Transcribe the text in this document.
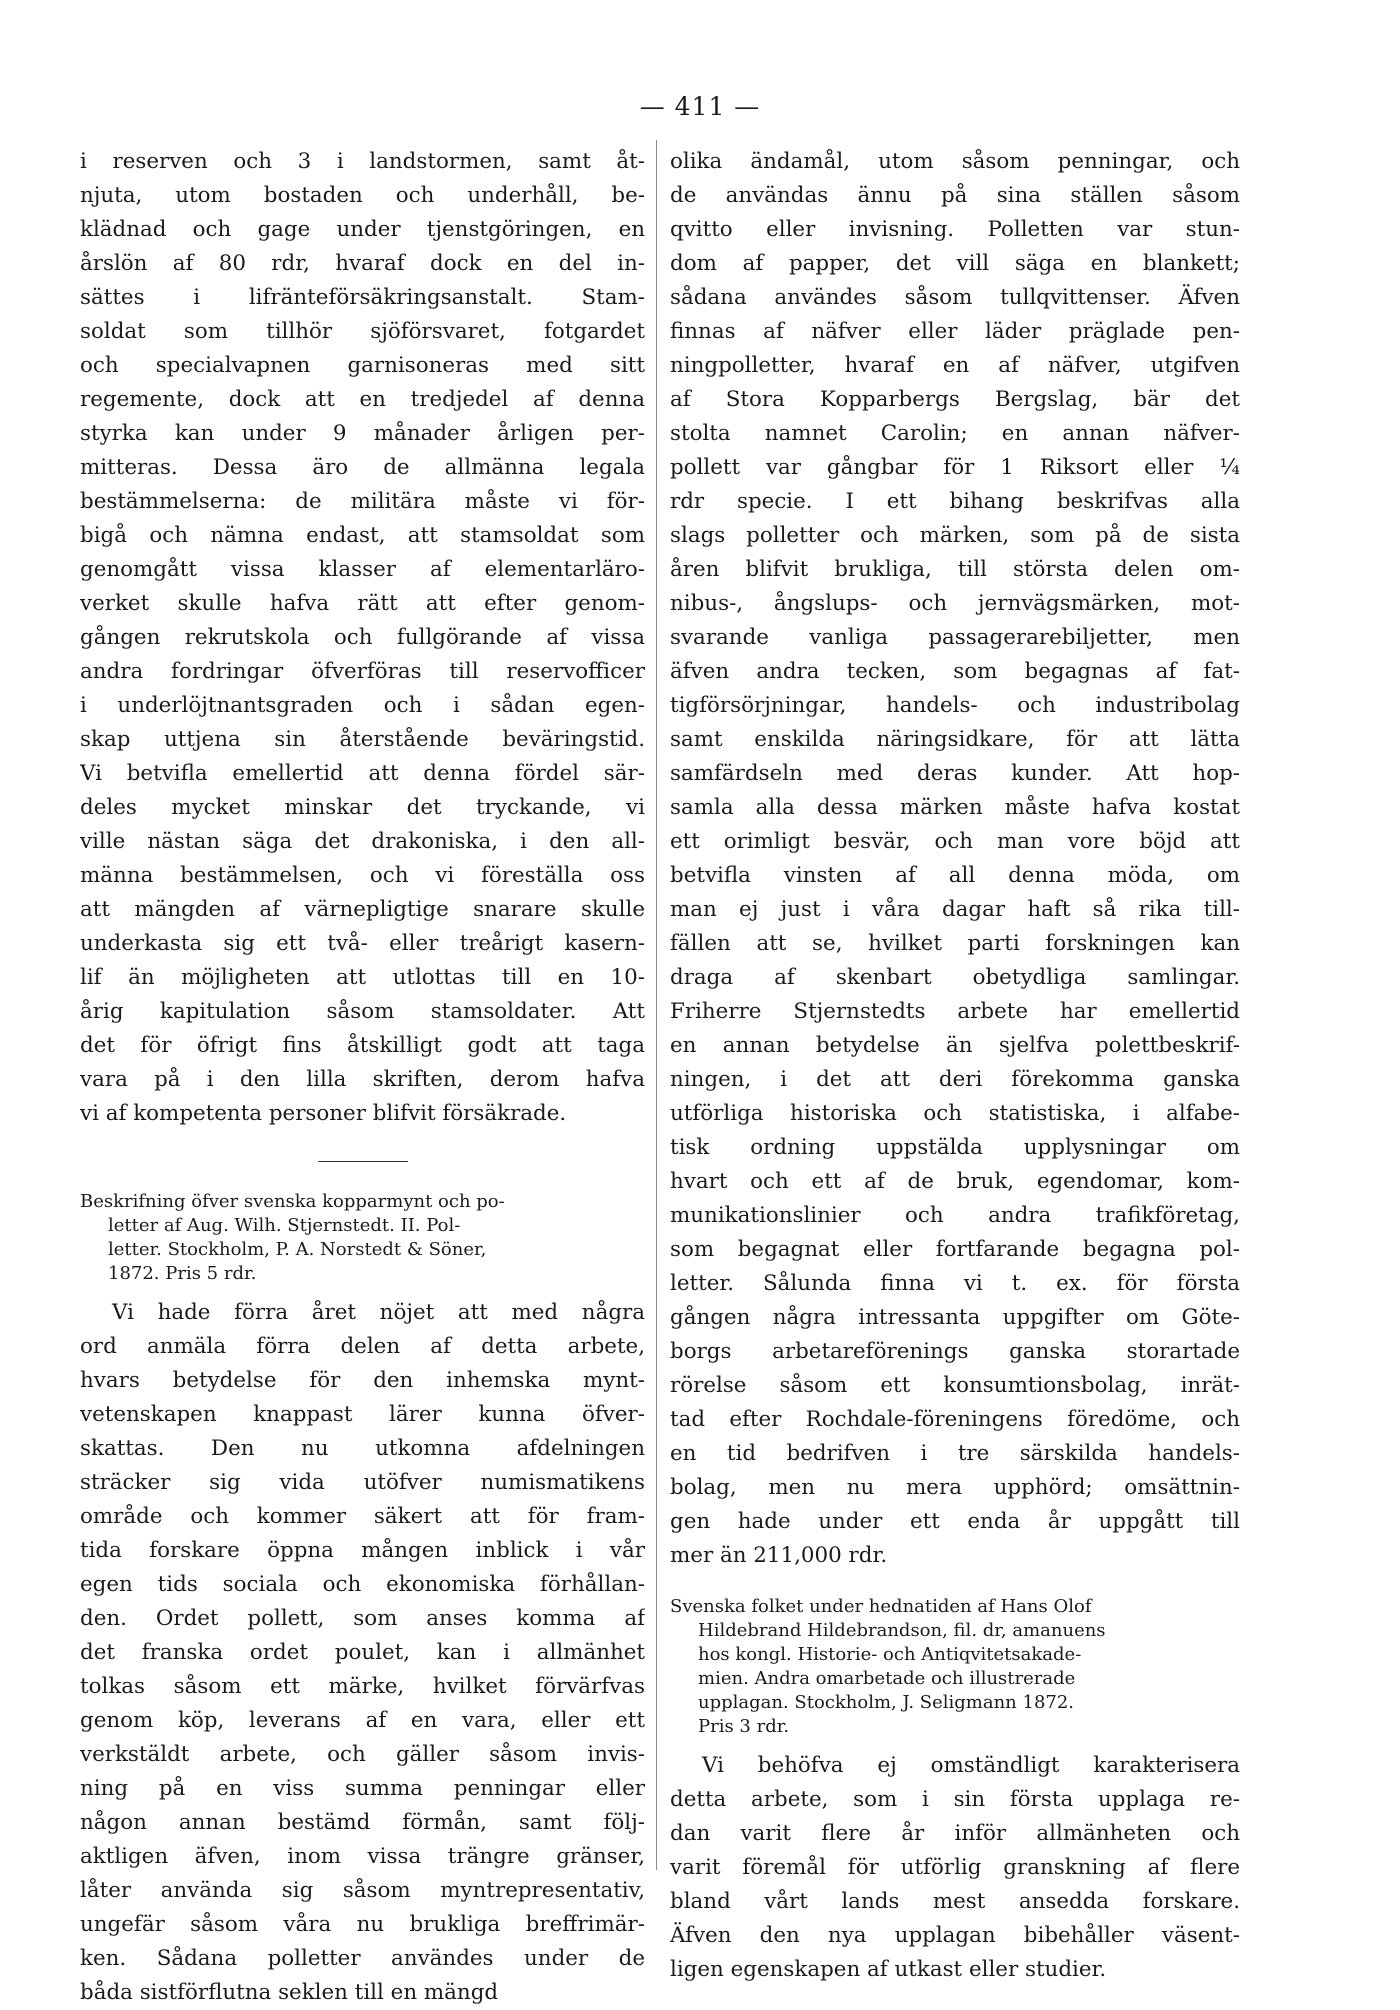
— 411 —
i reserven och 3 i landstormen, samt åt-
njuta, utom bostaden och underhåll, be-
klädnad och gage under tjenstgöringen, en
årslön af 80 rdr, hvaraf dock en del in-
sättes i lifränteförsäkringsanstalt. Stam-
soldat som tillhör sjöförsvaret, fotgardet
och specialvapnen garnisoneras med sitt
regemente, dock att en tredjedel af denna
styrka kan under 9 månader årligen per-
mitteras. Dessa äro de allmänna legala
bestämmelserna: de militära måste vi för-
bigå och nämna endast, att stamsoldat som
genomgått vissa klasser af elementarläro-
verket skulle hafva rätt att efter genom-
gången rekrutskola och fullgörande af vissa
andra fordringar öfverföras till reservofficer
i underlöjtnantsgraden och i sådan egen-
skap uttjena sin återstående beväringstid.
Vi betvifla emellertid att denna fördel sär-
deles mycket minskar det tryckande, vi
ville nästan säga det drakoniska, i den all-
männa bestämmelsen, och vi föreställa oss
att mängden af värnepligtige snarare skulle
underkasta sig ett två- eller treårigt kasern-
lif än möjligheten att utlottas till en 10-
årig kapitulation såsom stamsoldater. Att
det för öfrigt fins åtskilligt godt att taga
vara på i den lilla skriften, derom hafva
vi af kompetenta personer blifvit försäkrade.
Beskrifning öfver svenska kopparmynt och po-
letter af Aug. Wilh. Stjernstedt. II. Pol-
letter. Stockholm, P. A. Norstedt & Söner,
1872. Pris 5 rdr.
Vi hade förra året nöjet att med några
ord anmäla förra delen af detta arbete,
hvars betydelse för den inhemska mynt-
vetenskapen knappast lärer kunna öfver-
skattas. Den nu utkomna afdelningen
sträcker sig vida utöfver numismatikens
område och kommer säkert att för fram-
tida forskare öppna mången inblick i vår
egen tids sociala och ekonomiska förhållan-
den. Ordet pollett, som anses komma af
det franska ordet poulet, kan i allmänhet
tolkas såsom ett märke, hvilket förvärfvas
genom köp, leverans af en vara, eller ett
verkstäldt arbete, och gäller såsom invis-
ning på en viss summa penningar eller
någon annan bestämd förmån, samt följ-
aktligen äfven, inom vissa trängre gränser,
låter använda sig såsom myntrepresentativ,
ungefär såsom våra nu brukliga breffrimär-
ken. Sådana polletter användes under de
båda sistförflutna seklen till en mängd
olika ändamål, utom såsom penningar, och
de användas ännu på sina ställen såsom
qvitto eller invisning. Polletten var stun-
dom af papper, det vill säga en blankett;
sådana användes såsom tullqvittenser. Äfven
finnas af näfver eller läder präglade pen-
ningpolletter, hvaraf en af näfver, utgifven
af Stora Kopparbergs Bergslag, bär det
stolta namnet Carolin; en annan näfver-
pollett var gångbar för 1 Riksort eller ¼
rdr specie. I ett bihang beskrifvas alla
slags polletter och märken, som på de sista
åren blifvit brukliga, till största delen om-
nibus-, ångslups- och jernvägsmärken, mot-
svarande vanliga passagerarebiljetter, men
äfven andra tecken, som begagnas af fat-
tigförsörjningar, handels- och industribolag
samt enskilda näringsidkare, för att lätta
samfärdseln med deras kunder. Att hop-
samla alla dessa märken måste hafva kostat
ett orimligt besvär, och man vore böjd att
betvifla vinsten af all denna möda, om
man ej just i våra dagar haft så rika till-
fällen att se, hvilket parti forskningen kan
draga af skenbart obetydliga samlingar.
Friherre Stjernstedts arbete har emellertid
en annan betydelse än sjelfva polettbeskrif-
ningen, i det att deri förekomma ganska
utförliga historiska och statistiska, i alfabe-
tisk ordning uppstälda upplysningar om
hvart och ett af de bruk, egendomar, kom-
munikationslinier och andra trafikföretag,
som begagnat eller fortfarande begagna pol-
letter. Sålunda finna vi t. ex. för första
gången några intressanta uppgifter om Göte-
borgs arbetareförenings ganska storartade
rörelse såsom ett konsumtionsbolag, inrät-
tad efter Rochdale-föreningens föredöme, och
en tid bedrifven i tre särskilda handels-
bolag, men nu mera upphörd; omsättnin-
gen hade under ett enda år uppgått till
mer än 211,000 rdr.
Svenska folket under hednatiden af Hans Olof
Hildebrand Hildebrandson, fil. dr, amanuens
hos kongl. Historie- och Antiqvitetsakade-
mien. Andra omarbetade och illustrerade
upplagan. Stockholm, J. Seligmann 1872.
Pris 3 rdr.
Vi behöfva ej omständligt karakterisera
detta arbete, som i sin första upplaga re-
dan varit flere år inför allmänheten och
varit föremål för utförlig granskning af flere
bland vårt lands mest ansedda forskare.
Äfven den nya upplagan bibehåller väsent-
ligen egenskapen af utkast eller studier.
